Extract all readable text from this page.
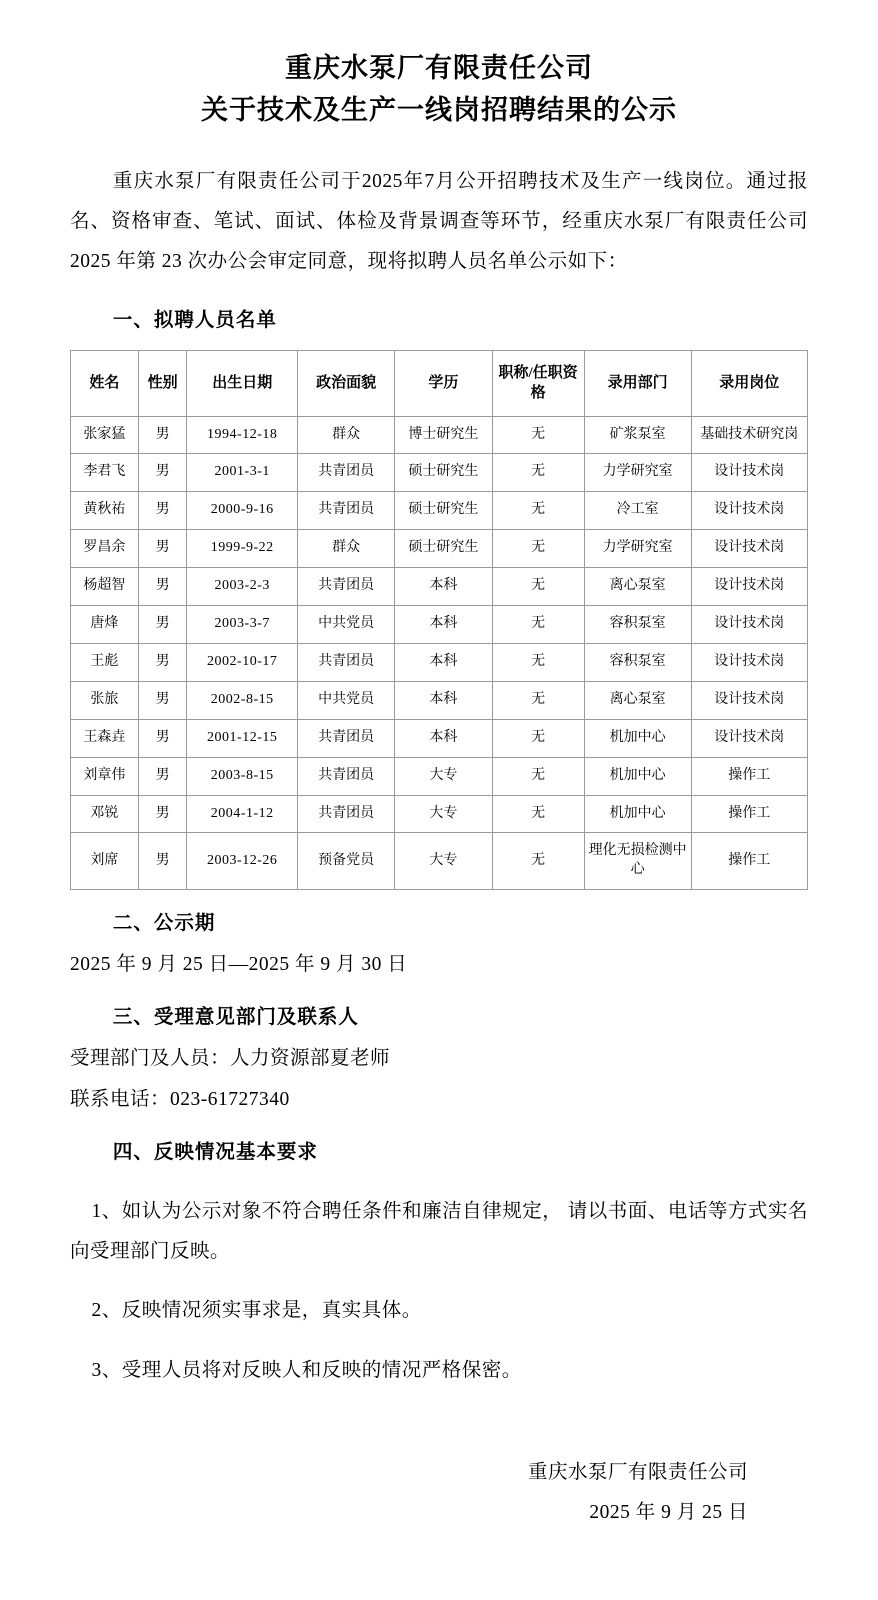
重庆水泵厂有限责任公司
关于技术及生产一线岗招聘结果的公示

重庆水泵厂有限责任公司于2025年7月公开招聘技术及生产一线岗位。通过报名、资格审查、笔试、面试、体检及背景调查等环节，经重庆水泵厂有限责任公司 2025 年第 23 次办公会审定同意，现将拟聘人员名单公示如下：

一、拟聘人员名单
姓名	性别	出生日期	政治面貌	学历	职称/任职资格	录用部门	录用岗位
张家猛	男	1994-12-18	群众	博士研究生	无	矿浆泵室	基础技术研究岗
李君飞	男	2001-3-1	共青团员	硕士研究生	无	力学研究室	设计技术岗
黄秋祐	男	2000-9-16	共青团员	硕士研究生	无	冷工室	设计技术岗
罗昌余	男	1999-9-22	群众	硕士研究生	无	力学研究室	设计技术岗
杨超智	男	2003-2-3	共青团员	本科	无	离心泵室	设计技术岗
唐烽	男	2003-3-7	中共党员	本科	无	容积泵室	设计技术岗
王彪	男	2002-10-17	共青团员	本科	无	容积泵室	设计技术岗
张旅	男	2002-8-15	中共党员	本科	无	离心泵室	设计技术岗
王森垚	男	2001-12-15	共青团员	本科	无	机加中心	设计技术岗
刘章伟	男	2003-8-15	共青团员	大专	无	机加中心	操作工
邓锐	男	2004-1-12	共青团员	大专	无	机加中心	操作工
刘席	男	2003-12-26	预备党员	大专	无	理化无损检测中心	操作工
二、公示期
2025 年 9 月 25 日—2025 年 9 月 30 日
三、受理意见部门及联系人
受理部门及人员：人力资源部夏老师
联系电话：023-61727340
四、反映情况基本要求

1、如认为公示对象不符合聘任条件和廉洁自律规定， 请以书面、电话等方式实名向受理部门反映。

2、反映情况须实事求是，真实具体。

3、受理人员将对反映人和反映的情况严格保密。

重庆水泵厂有限责任公司
2025 年 9 月 25 日
